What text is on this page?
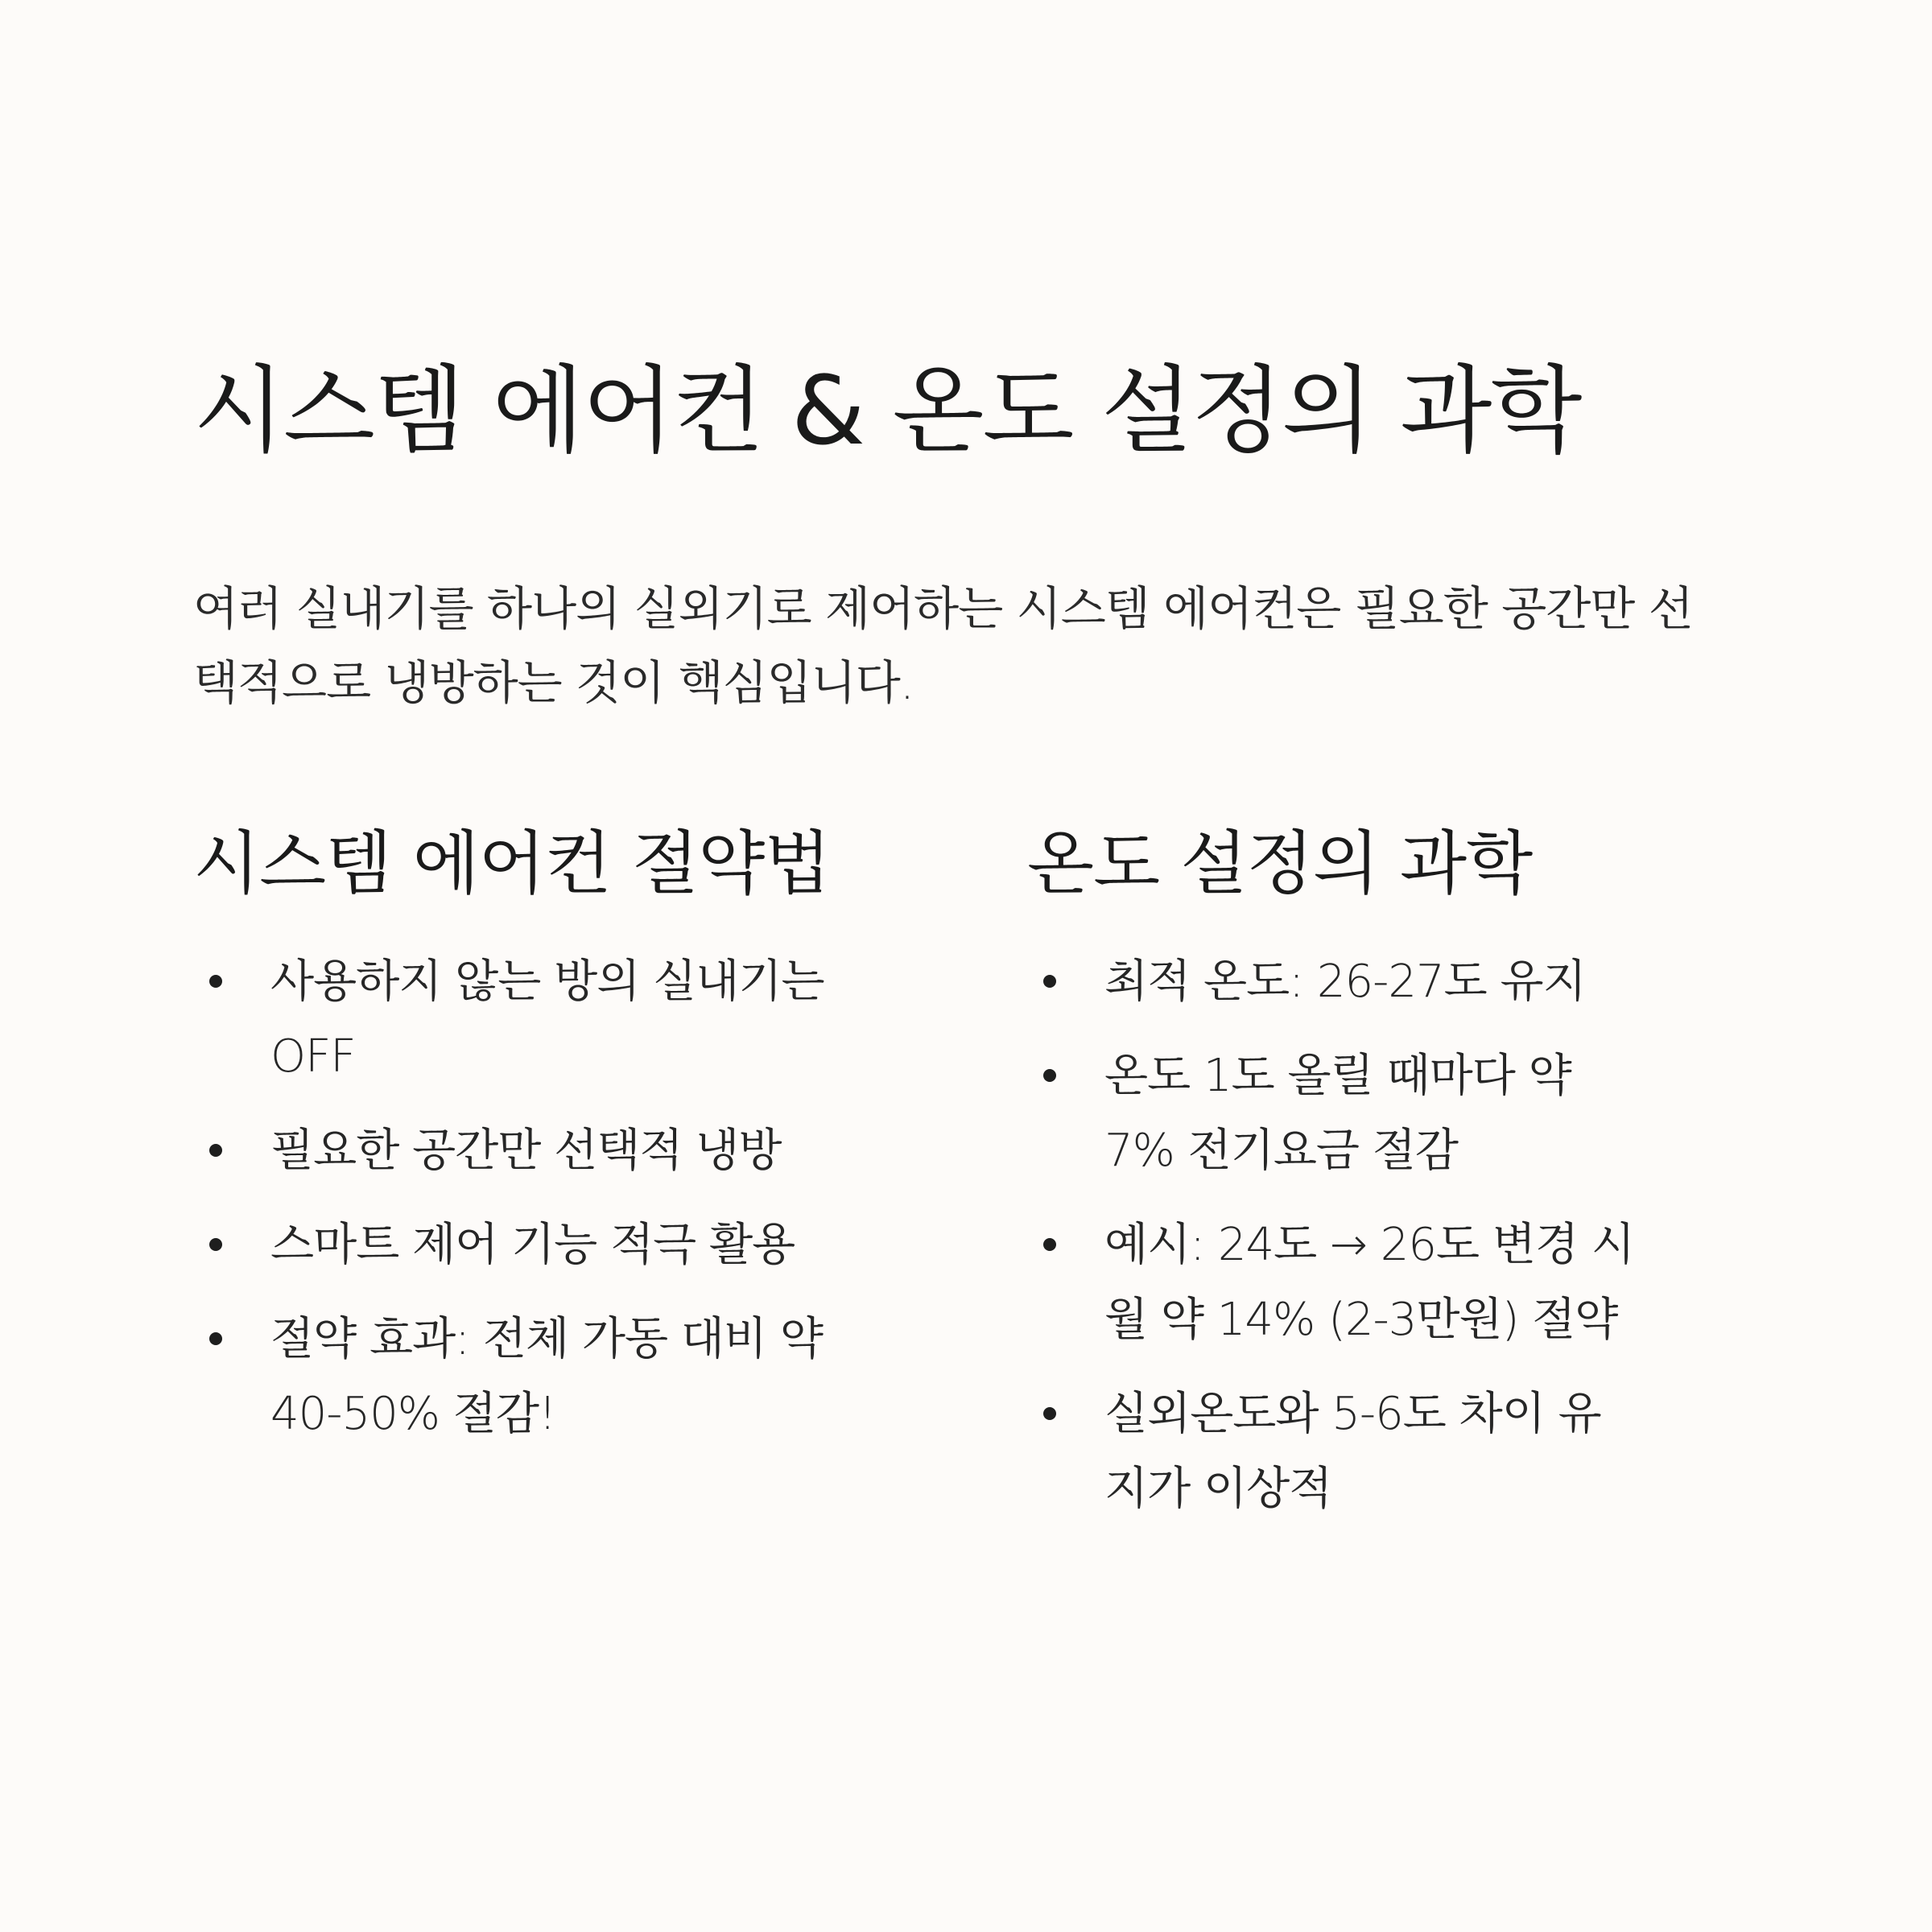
시스템 에어컨 & 온도 설정의 과학

여러 실내기를 하나의 실외기로 제어하는 시스템 에어컨은 필요한 공간만 선택적으로 냉방하는 것이 핵심입니다.

시스템 에어컨 절약법
사용하지 않는 방의 실내기는 OFF
필요한 공간만 선택적 냉방
스마트 제어 기능 적극 활용
절약 효과: 전체 가동 대비 약 40-50% 절감!
온도 설정의 과학
최적 온도: 26-27도 유지
온도 1도 올릴 때마다 약 7% 전기요금 절감
예시: 24도 → 26도 변경 시 월 약 14% (2-3만원) 절약
실외온도와 5-6도 차이 유지가 이상적
